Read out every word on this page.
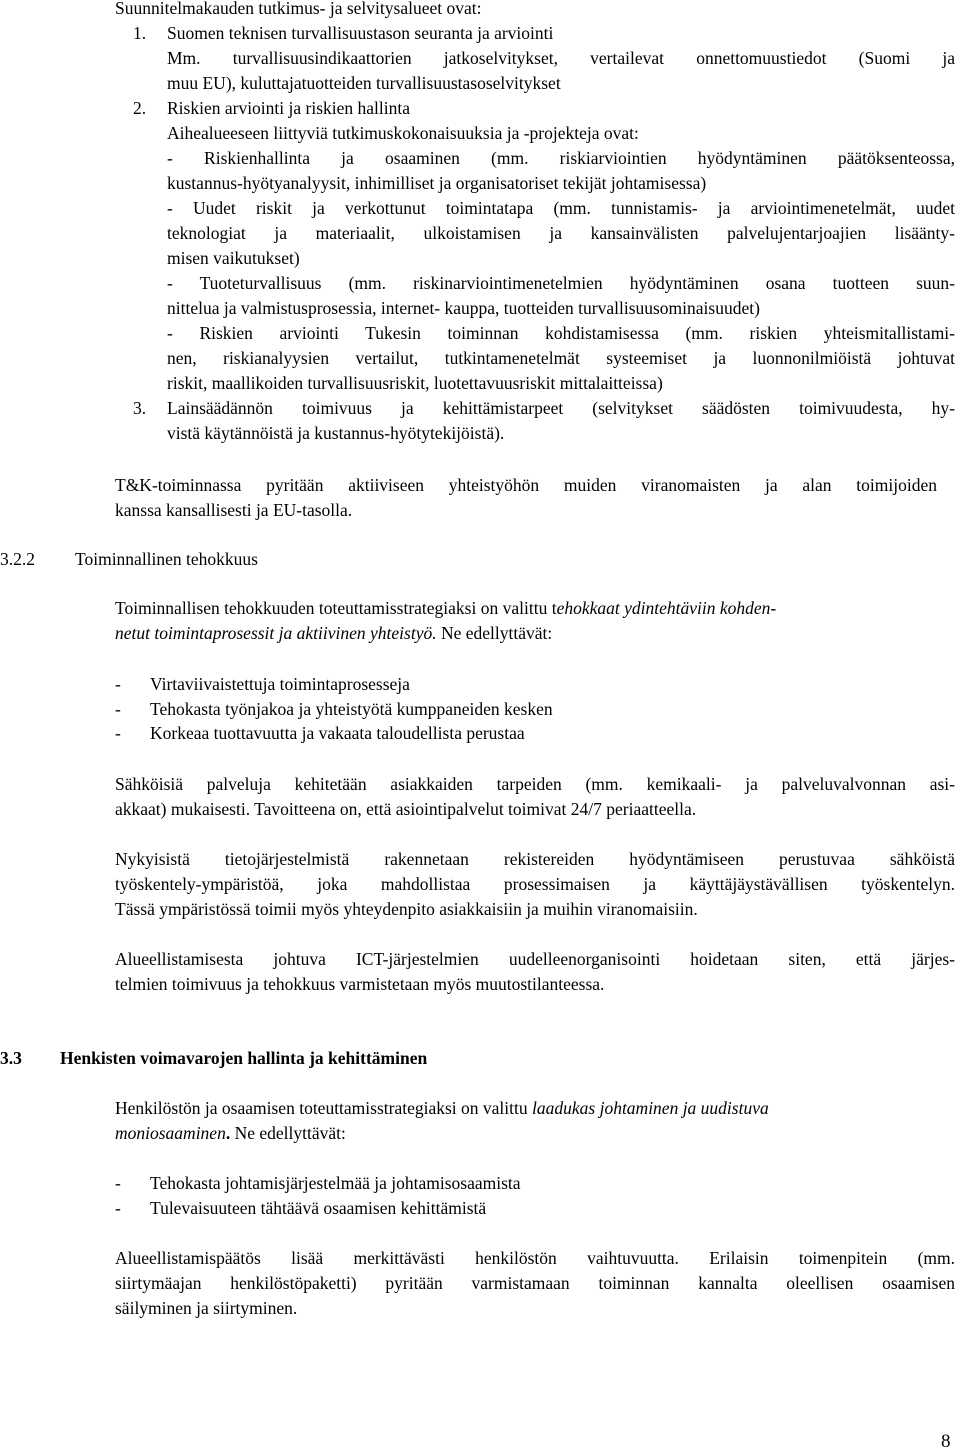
Suunnitelmakauden tutkimus- ja selvitysalueet ovat:
1. Suomen teknisen turvallisuustason seuranta ja arviointi
Mm. turvallisuusindikaattorien jatkoselvitykset, vertailevat onnettomuustiedot (Suomi ja
muu EU), kuluttajatuotteiden turvallisuustasoselvitykset
2. Riskien arviointi ja riskien hallinta
Aihealueeseen liittyviä tutkimuskokonaisuuksia ja -projekteja ovat:
- Riskienhallinta ja osaaminen (mm. riskiarviointien hyödyntäminen päätöksenteossa,
kustannus-hyötyanalyysit, inhimilliset ja organisatoriset tekijät johtamisessa)
- Uudet riskit ja verkottunut toimintatapa (mm. tunnistamis- ja arviointimenetelmät, uudet
teknologiat ja materiaalit, ulkoistamisen ja kansainvälisten palvelujentarjoajien lisäänty-
misen vaikutukset)
- Tuoteturvallisuus (mm. riskinarviointimenetelmien hyödyntäminen osana tuotteen suun-
nittelua ja valmistusprosessia, internet- kauppa, tuotteiden turvallisuusominaisuudet)
- Riskien arviointi Tukesin toiminnan kohdistamisessa (mm. riskien yhteismitallistami-
nen, riskianalyysien vertailut, tutkintamenetelmät systeemiset ja luonnonilmiöistä johtuvat
riskit, maallikoiden turvallisuusriskit, luotettavuusriskit mittalaitteissa)
3. Lainsäädännön toimivuus ja kehittämistarpeet (selvitykset säädösten toimivuudesta, hy-
vistä käytännöistä ja kustannus-hyötytekijöistä).
T&K-toiminnassa pyritään aktiiviseen yhteistyöhön muiden viranomaisten ja alan toimijoiden
kanssa kansallisesti ja EU-tasolla.
3.2.2 Toiminnallinen tehokkuus
Toiminnallisen tehokkuuden toteuttamisstrategiaksi on valittu tehokkaat ydintehtäviin kohden-
netut toimintaprosessit ja aktiivinen yhteistyö. Ne edellyttävät:
- Virtaviivaistettuja toimintaprosesseja
- Tehokasta työnjakoa ja yhteistyötä kumppaneiden kesken
- Korkeaa tuottavuutta ja vakaata taloudellista perustaa
Sähköisiä palveluja kehitetään asiakkaiden tarpeiden (mm. kemikaali- ja palveluvalvonnan asi-
akkaat) mukaisesti. Tavoitteena on, että asiointipalvelut toimivat 24/7 periaatteella.
Nykyisistä tietojärjestelmistä rakennetaan rekistereiden hyödyntämiseen perustuvaa sähköistä
työskentely-ympäristöä, joka mahdollistaa prosessimaisen ja käyttäjäystävällisen työskentelyn.
Tässä ympäristössä toimii myös yhteydenpito asiakkaisiin ja muihin viranomaisiin.
Alueellistamisesta johtuva ICT-järjestelmien uudelleenorganisointi hoidetaan siten, että järjes-
telmien toimivuus ja tehokkuus varmistetaan myös muutostilanteessa.
3.3 Henkisten voimavarojen hallinta ja kehittäminen
Henkilöstön ja osaamisen toteuttamisstrategiaksi on valittu laadukas johtaminen ja uudistuva
moniosaaminen. Ne edellyttävät:
- Tehokasta johtamisjärjestelmää ja johtamisosaamista
- Tulevaisuuteen tähtäävä osaamisen kehittämistä
Alueellistamispäätös lisää merkittävästi henkilöstön vaihtuvuutta. Erilaisin toimenpitein (mm.
siirtymäajan henkilöstöpaketti) pyritään varmistamaan toiminnan kannalta oleellisen osaamisen
säilyminen ja siirtyminen.
8
